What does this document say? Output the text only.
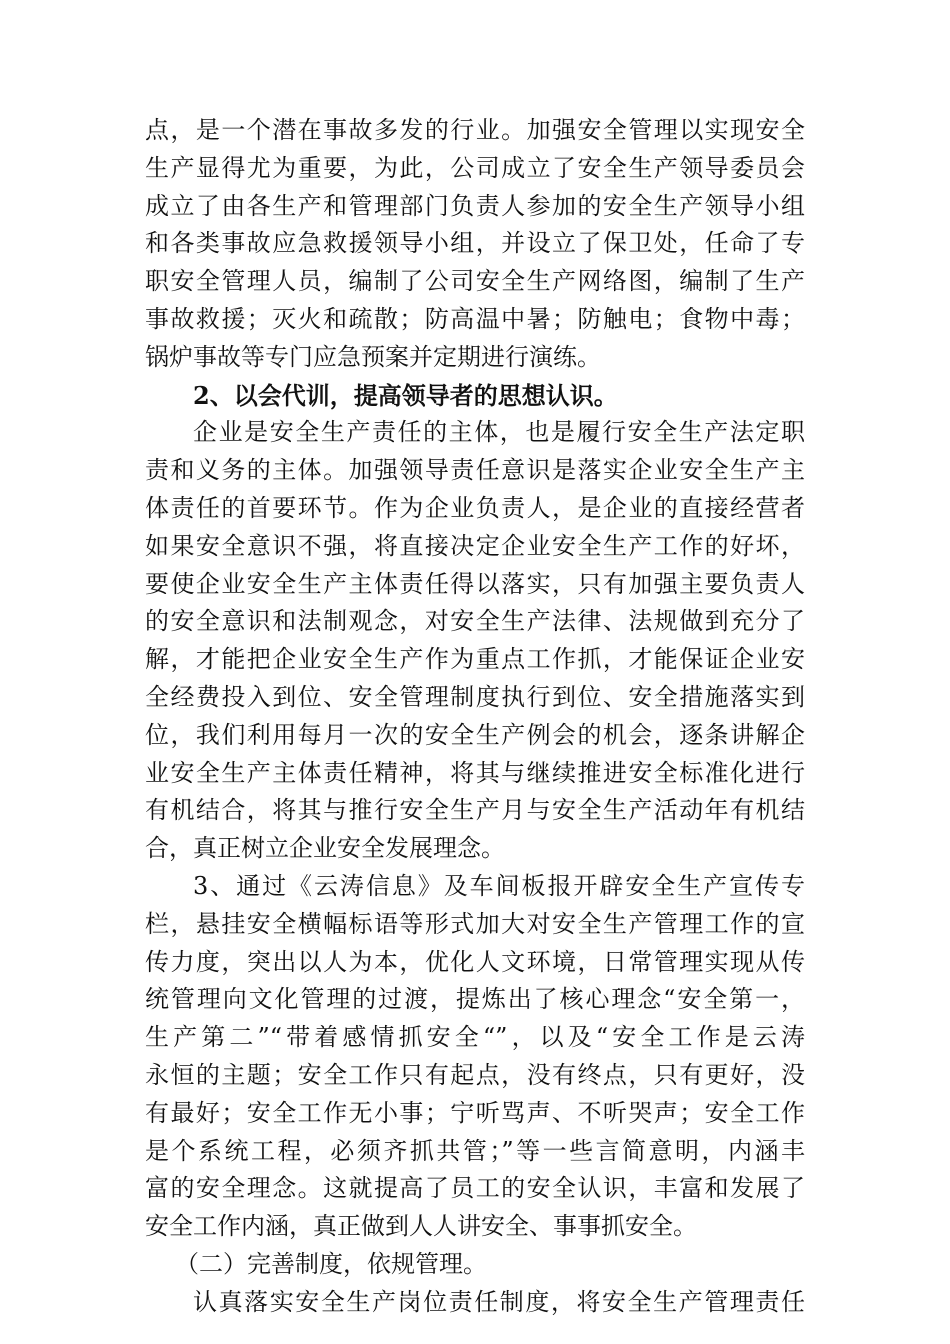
点，是一个潜在事故多发的行业。加强安全管理以实现安全
生产显得尤为重要，为此，公司成立了安全生产领导委员会
成立了由各生产和管理部门负责人参加的安全生产领导小组
和各类事故应急救援领导小组，并设立了保卫处，任命了专
职安全管理人员，编制了公司安全生产网络图，编制了生产
事故救援；灭火和疏散；防高温中暑；防触电；食物中毒；
锅炉事故等专门应急预案并定期进行演练。
2、以会代训，提高领导者的思想认识。
企业是安全生产责任的主体，也是履行安全生产法定职
责和义务的主体。加强领导责任意识是落实企业安全生产主
体责任的首要环节。作为企业负责人，是企业的直接经营者
如果安全意识不强，将直接决定企业安全生产工作的好坏，
要使企业安全生产主体责任得以落实，只有加强主要负责人
的安全意识和法制观念，对安全生产法律、法规做到充分了
解，才能把企业安全生产作为重点工作抓，才能保证企业安
全经费投入到位、安全管理制度执行到位、安全措施落实到
位，我们利用每月一次的安全生产例会的机会，逐条讲解企
业安全生产主体责任精神，将其与继续推进安全标准化进行
有机结合，将其与推行安全生产月与安全生产活动年有机结
合，真正树立企业安全发展理念。
3、通过《云涛信息》及车间板报开辟安全生产宣传专
栏，悬挂安全横幅标语等形式加大对安全生产管理工作的宣
传力度，突出以人为本，优化人文环境，日常管理实现从传
统管理向文化管理的过渡，提炼出了核心理念“安全第一，
生产第二”“带着感情抓安全“”，以及“安全工作是云涛
永恒的主题；安全工作只有起点，没有终点，只有更好，没
有最好；安全工作无小事；宁听骂声、不听哭声；安全工作
是个系统工程，必须齐抓共管；”等一些言简意明，内涵丰
富的安全理念。这就提高了员工的安全认识，丰富和发展了
安全工作内涵，真正做到人人讲安全、事事抓安全。
（二）完善制度，依规管理。
认真落实安全生产岗位责任制度，将安全生产管理责任
